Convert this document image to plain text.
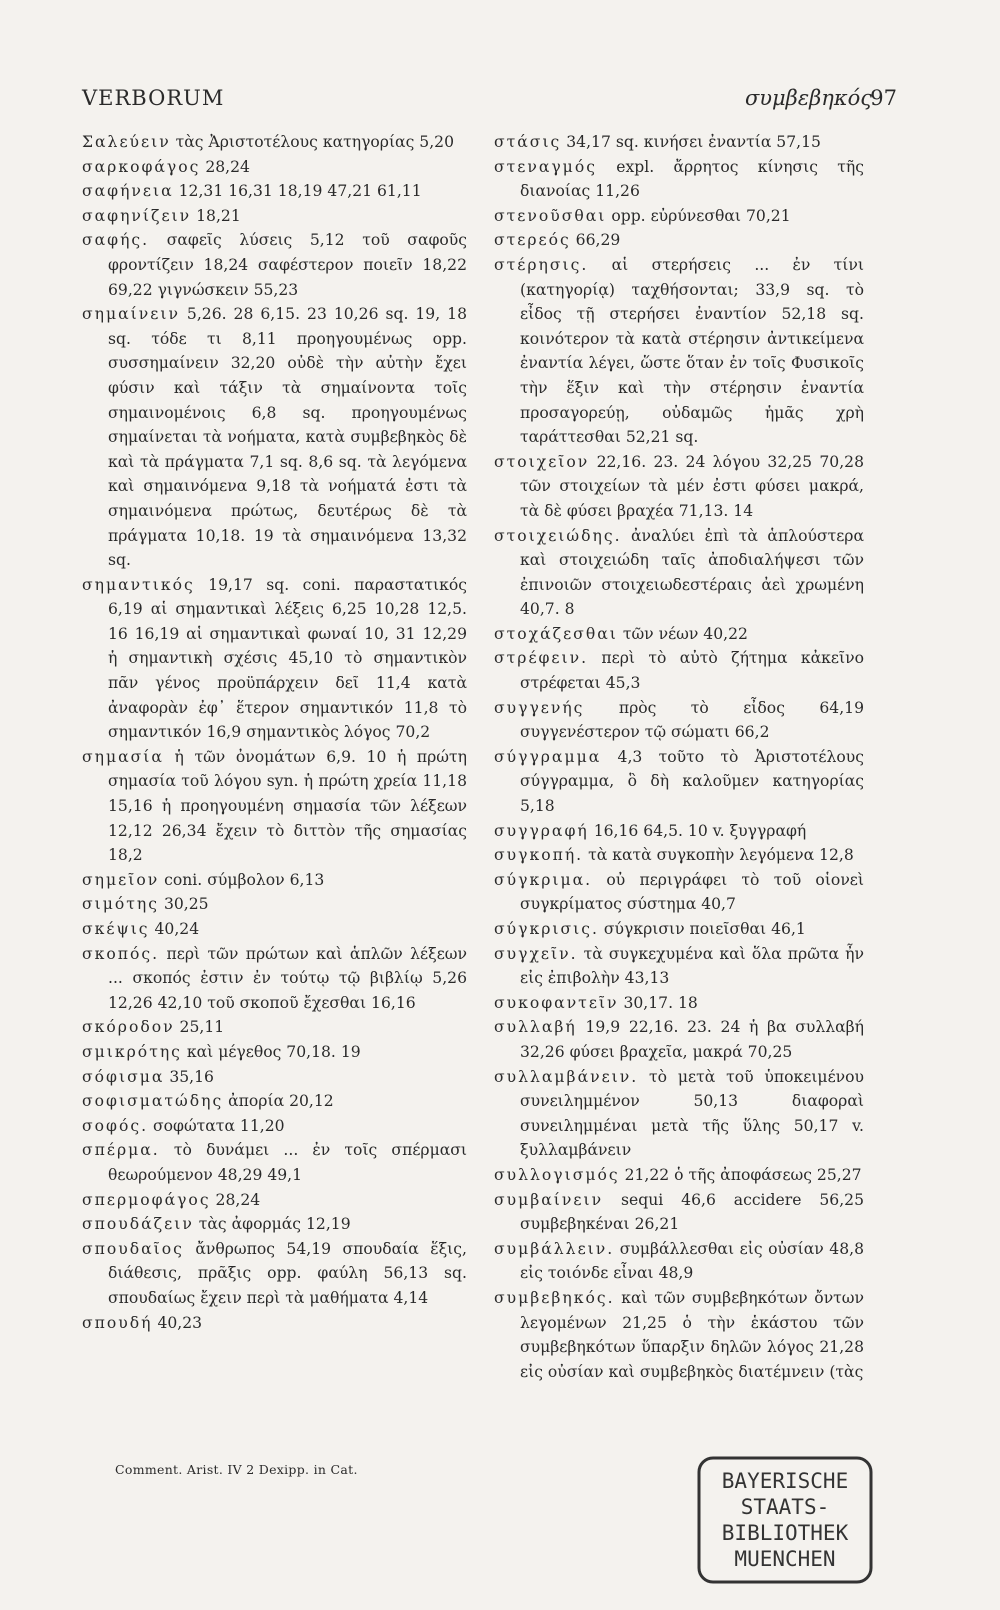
VERBORUM	συμβεβηκός
97
Σαλεύειν τὰς Ἀριστοτέλους κατηγορίας 5,20
σαρκοφάγος 28,24
σαφήνεια 12,31 16,31 18,19 47,21 61,11
σαφηνίζειν 18,21
σαφής. σαφεῖς λύσεις 5,12 τοῦ σαφοῦς φροντίζειν 18,24 σαφέστερον ποιεῖν 18,22 69,22 γιγνώσκειν 55,23
σημαίνειν 5,26. 28 6,15. 23 10,26 sq. 19, 18 sq. τόδε τι 8,11 προηγουμένως opp. συσσημαίνειν 32,20 οὐδὲ τὴν αὐτὴν ἔχει φύσιν καὶ τάξιν τὰ σημαίνοντα τοῖς σημαινομένοις 6,8 sq. προηγουμένως σημαίνεται τὰ νοήματα, κατὰ συμβεβηκὸς δὲ καὶ τὰ πράγματα 7,1 sq. 8,6 sq. τὰ λεγόμενα καὶ σημαινόμενα 9,18 τὰ νοήματά ἐστι τὰ σημαινόμενα πρώτως, δευτέρως δὲ τὰ πράγματα 10,18. 19 τὰ σημαινόμενα 13,32 sq.
σημαντικός 19,17 sq. coni. παραστατικός 6,19 αἱ σημαντικαὶ λέξεις 6,25 10,28 12,5. 16 16,19 αἱ σημαντικαὶ φωναί 10, 31 12,29 ἡ σημαντικὴ σχέσις 45,10 τὸ σημαντικὸν πᾶν γένος προϋπάρχειν δεῖ 11,4 κατὰ ἀναφορὰν ἐφ᾽ ἕτερον σημαντικόν 11,8 τὸ σημαντικόν 16,9 σημαντικὸς λόγος 70,2
σημασία ἡ τῶν ὀνομάτων 6,9. 10 ἡ πρώτη σημασία τοῦ λόγου syn. ἡ πρώτη χρεία 11,18 15,16 ἡ προηγουμένη σημασία τῶν λέξεων 12,12 26,34 ἔχειν τὸ διττὸν τῆς σημασίας 18,2
σημεῖον coni. σύμβολον 6,13
σιμότης 30,25
σκέψις 40,24
σκοπός. περὶ τῶν πρώτων καὶ ἁπλῶν λέξεων ... σκοπός ἐστιν ἐν τούτῳ τῷ βιβλίῳ 5,26 12,26 42,10 τοῦ σκοποῦ ἔχεσθαι 16,16
σκόροδον 25,11
σμικρότης καὶ μέγεθος 70,18. 19
σόφισμα 35,16
σοφισματώδης ἀπορία 20,12
σοφός. σοφώτατα 11,20
σπέρμα. τὸ δυνάμει ... ἐν τοῖς σπέρμασι θεωρούμενον 48,29 49,1
σπερμοφάγος 28,24
σπουδάζειν τὰς ἀφορμάς 12,19
σπουδαῖος ἄνθρωπος 54,19 σπουδαία ἕξις, διάθεσις, πρᾶξις opp. φαύλη 56,13 sq. σπουδαίως ἔχειν περὶ τὰ μαθήματα 4,14
σπουδή 40,23
στάσις 34,17 sq. κινήσει ἐναντία 57,15
στεναγμός expl. ἄρρητος κίνησις τῆς διανοίας 11,26
στενοῦσθαι opp. εὐρύνεσθαι 70,21
στερεός 66,29
στέρησις. αἱ στερήσεις ... ἐν τίνι (κατηγορίᾳ) ταχθήσονται; 33,9 sq. τὸ εἶδος τῇ στερήσει ἐναντίον 52,18 sq. κοινότερον τὰ κατὰ στέρησιν ἀντικείμενα ἐναντία λέγει, ὥστε ὅταν ἐν τοῖς Φυσικοῖς τὴν ἕξιν καὶ τὴν στέρησιν ἐναντία προσαγορεύῃ, οὐδαμῶς ἡμᾶς χρὴ ταράττεσθαι 52,21 sq.
στοιχεῖον 22,16. 23. 24 λόγου 32,25 70,28 τῶν στοιχείων τὰ μέν ἐστι φύσει μακρά, τὰ δὲ φύσει βραχέα 71,13. 14
στοιχειώδης. ἀναλύει ἐπὶ τὰ ἁπλούστερα καὶ στοιχειώδη ταῖς ἀποδιαλήψεσι τῶν ἐπινοιῶν στοιχειωδεστέραις ἀεὶ χρωμένη 40,7. 8
στοχάζεσθαι τῶν νέων 40,22
στρέφειν. περὶ τὸ αὐτὸ ζήτημα κἀκεῖνο στρέφεται 45,3
συγγενής πρὸς τὸ εἶδος 64,19 συγγενέστερον τῷ σώματι 66,2
σύγγραμμα 4,3 τοῦτο τὸ Ἀριστοτέλους σύγγραμμα, ὃ δὴ καλοῦμεν κατηγορίας 5,18
συγγραφή 16,16 64,5. 10 v. ξυγγραφή
συγκοπή. τὰ κατὰ συγκοπὴν λεγόμενα 12,8
σύγκριμα. οὐ περιγράφει τὸ τοῦ οἱονεὶ συγκρίματος σύστημα 40,7
σύγκρισις. σύγκρισιν ποιεῖσθαι 46,1
συγχεῖν. τὰ συγκεχυμένα καὶ ὅλα πρῶτα ἦν εἰς ἐπιβολὴν 43,13
συκοφαντεῖν 30,17. 18
συλλαβή 19,9 22,16. 23. 24 ἡ βα συλλαβή 32,26 φύσει βραχεῖα, μακρά 70,25
συλλαμβάνειν. τὸ μετὰ τοῦ ὑποκειμένου συνειλημμένον 50,13 διαφοραὶ συνειλημμέναι μετὰ τῆς ὕλης 50,17 v. ξυλλαμβάνειν
συλλογισμός 21,22 ὁ τῆς ἀποφάσεως 25,27
συμβαίνειν sequi 46,6 accidere 56,25 συμβεβηκέναι 26,21
συμβάλλειν. συμβάλλεσθαι εἰς οὐσίαν 48,8 εἰς τοιόνδε εἶναι 48,9
συμβεβηκός. καὶ τῶν συμβεβηκότων ὄντων λεγομένων 21,25 ὁ τὴν ἑκάστου τῶν συμβεβηκότων ὕπαρξιν δηλῶν λόγος 21,28 εἰς οὐσίαν καὶ συμβεβηκὸς διατέμνειν (τὰς
Comment. Arist. IV 2 Dexipp. in Cat.	BAYERISCHE
STAATS-
BIBLIOTHEK
MUENCHEN
